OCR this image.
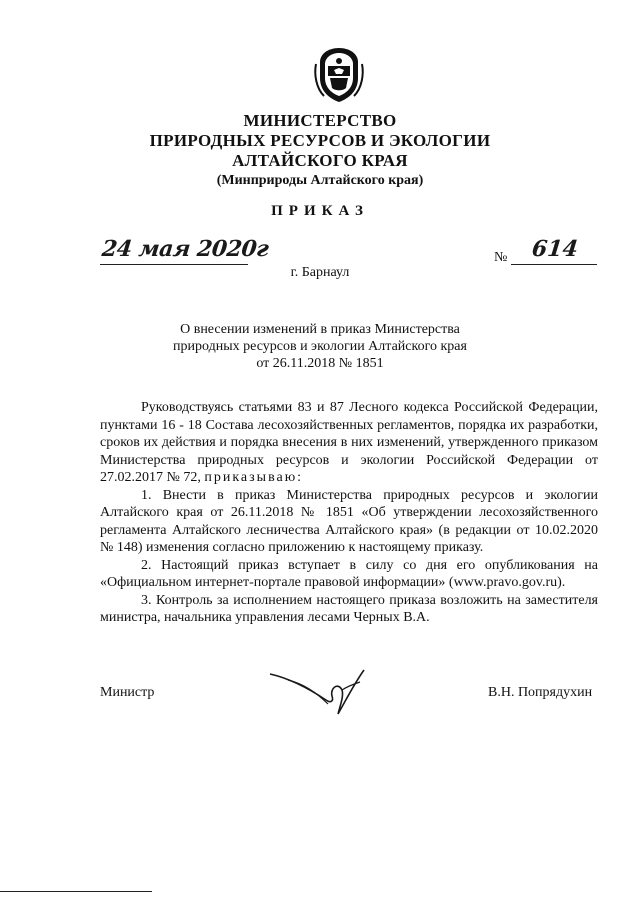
МИНИСТЕРСТВО
ПРИРОДНЫХ РЕСУРСОВ И ЭКОЛОГИИ
АЛТАЙСКОГО КРАЯ
(Минприроды Алтайского края)
ПРИКАЗ
24 мая 2020г	№ 614
г. Барнаул
О внесении изменений в приказ Министерства
природных ресурсов и экологии Алтайского края
от 26.11.2018 № 1851

Руководствуясь статьями 83 и 87 Лесного кодекса Российской Федерации, пунктами 16 - 18 Состава лесохозяйственных регламентов, порядка их разработки, сроков их действия и порядка внесения в них изменений, утвержденного приказом Министерства природных ресурсов и экологии Российской Федерации от 27.02.2017 № 72, приказываю:

1. Внести в приказ Министерства природных ресурсов и экологии Алтайского края от 26.11.2018 № 1851 «Об утверждении лесохозяйственного регламента Алтайского лесничества Алтайского края» (в редакции от 10.02.2020 № 148) изменения согласно приложению к настоящему приказу.

2. Настоящий приказ вступает в силу со дня его опубликования на «Официальном интернет-портале правовой информации» (www.pravo.gov.ru).

3. Контроль за исполнением настоящего приказа возложить на заместителя министра, начальника управления лесами Черных В.А.

Министр	В.Н. Попрядухин
